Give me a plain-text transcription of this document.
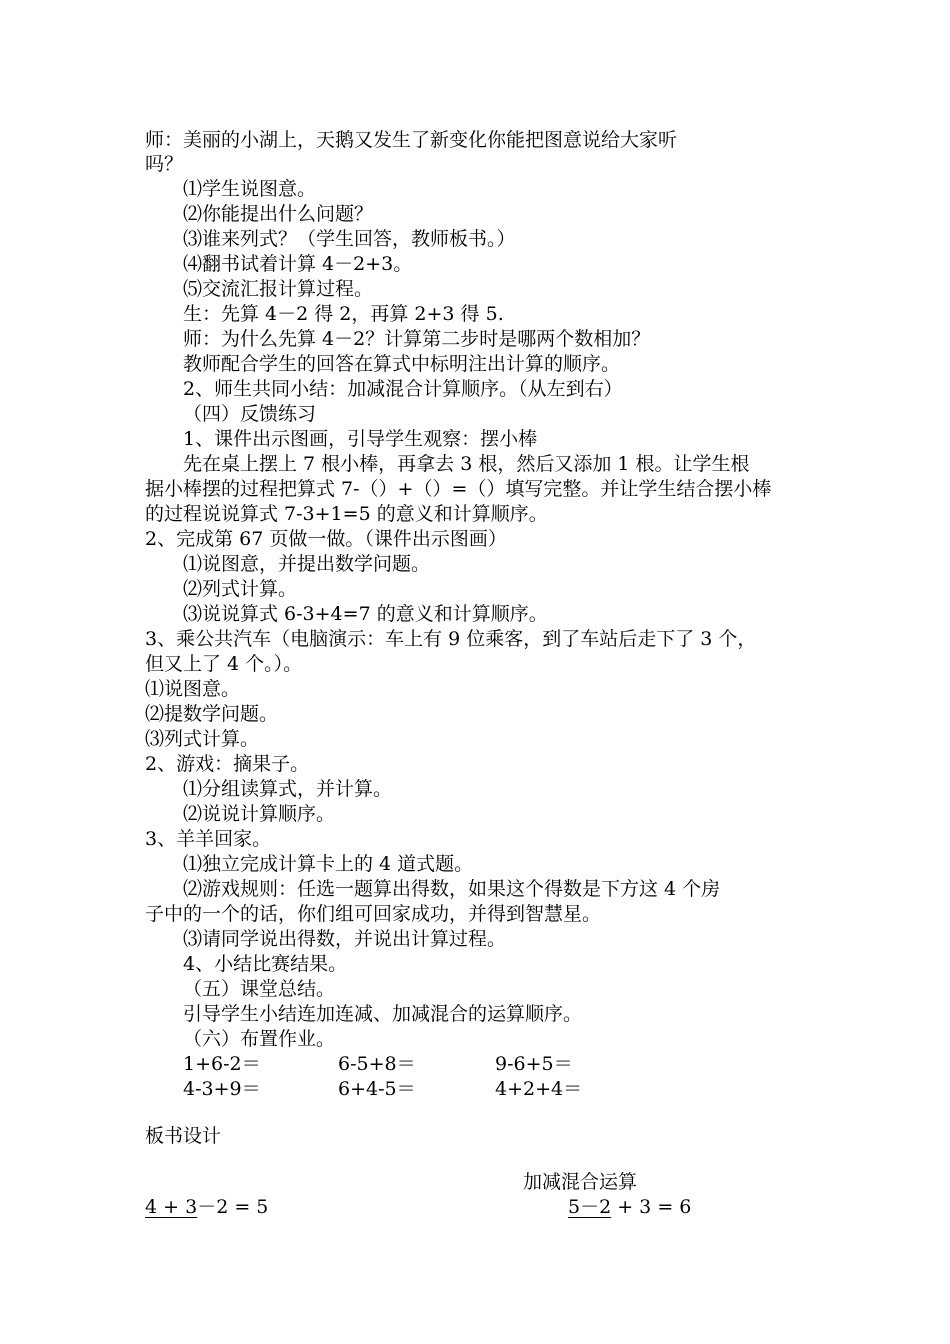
师：美丽的小湖上，天鹅又发生了新变化你能把图意说给大家听
吗？
⑴学生说图意。
⑵你能提出什么问题？
⑶谁来列式？（学生回答，教师板书。）
⑷翻书试着计算 4－2+3。
⑸交流汇报计算过程。
生：先算 4－2 得 2，再算 2+3 得 5.
师：为什么先算 4－2？计算第二步时是哪两个数相加？
教师配合学生的回答在算式中标明注出计算的顺序。
2、师生共同小结：加减混合计算顺序。（从左到右）
（四）反馈练习
1、课件出示图画，引导学生观察：摆小棒
先在桌上摆上 7 根小棒，再拿去 3 根，然后又添加 1 根。让学生根
据小棒摆的过程把算式 7-（）+（）=（）填写完整。并让学生结合摆小棒
的过程说说算式 7-3+1=5 的意义和计算顺序。
2、完成第 67 页做一做。（课件出示图画）
⑴说图意，并提出数学问题。
⑵列式计算。
⑶说说算式 6-3+4=7 的意义和计算顺序。
3、乘公共汽车（电脑演示：车上有 9 位乘客，到了车站后走下了 3 个，
但又上了 4 个。）。
⑴说图意。
⑵提数学问题。
⑶列式计算。
2、游戏：摘果子。
⑴分组读算式，并计算。
⑵说说计算顺序。
3、羊羊回家。
⑴独立完成计算卡上的 4 道式题。
⑵游戏规则：任选一题算出得数，如果这个得数是下方这 4 个房
子中的一个的话，你们组可回家成功，并得到智慧星。
⑶请同学说出得数，并说出计算过程。
4、小结比赛结果。
（五）课堂总结。
引导学生小结连加连减、加减混合的运算顺序。
（六）布置作业。
1+6-2＝	6-5+8＝	9-6+5＝
4-3+9＝	6+4-5＝	4+2+4＝
板书设计
加减混合运算
4 + 3－2 = 5	5－2 + 3 = 6
